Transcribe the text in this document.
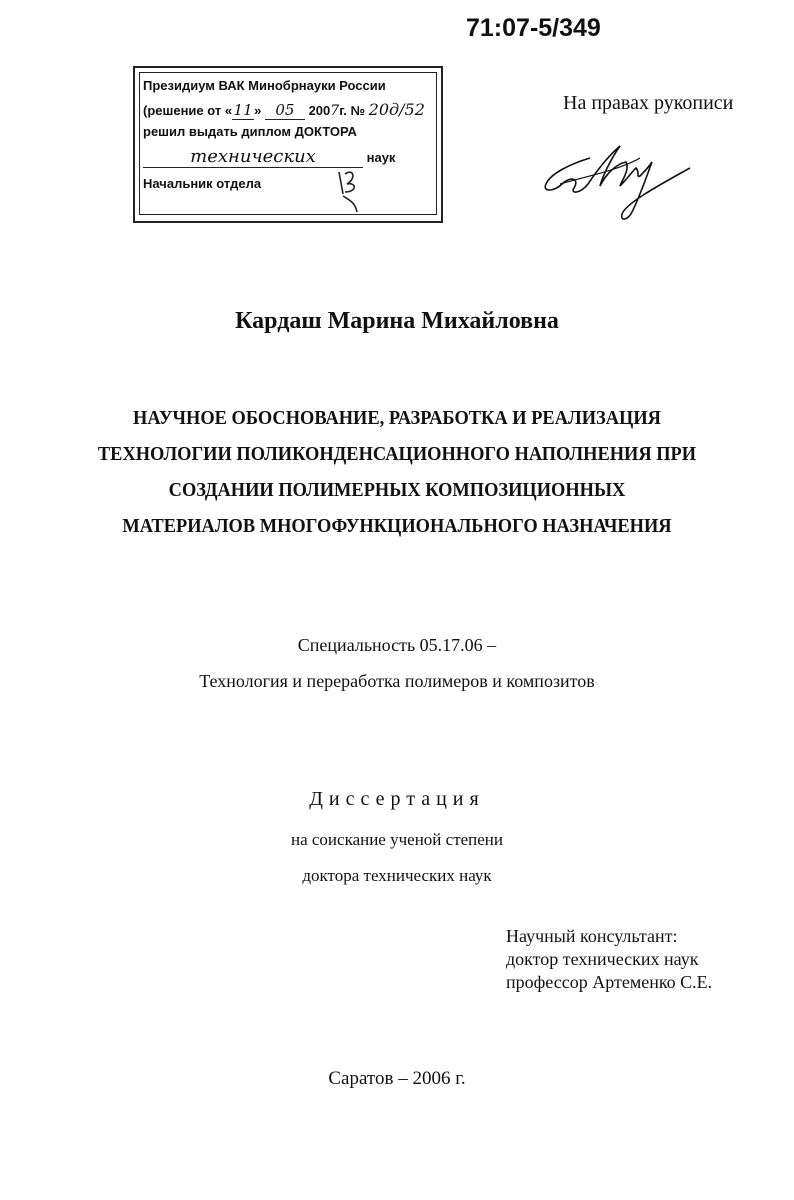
71:07-5/349
Президиум ВАК Минобрнауки России
(решение от «11» 05 2007г. № 20д/52
решил выдать диплом ДОКТОРА
технических	наук
Начальник отдела
На правах рукописи
Кардаш Марина Михайловна
НАУЧНОЕ ОБОСНОВАНИЕ, РАЗРАБОТКА И РЕАЛИЗАЦИЯ
ТЕХНОЛОГИИ ПОЛИКОНДЕНСАЦИОННОГО НАПОЛНЕНИЯ ПРИ
СОЗДАНИИ ПОЛИМЕРНЫХ КОМПОЗИЦИОННЫХ
МАТЕРИАЛОВ МНОГОФУНКЦИОНАЛЬНОГО НАЗНАЧЕНИЯ
Специальность 05.17.06 –
Технология и переработка полимеров и композитов
Диссертация
на соискание ученой степени
доктора технических наук
Научный консультант:
доктор технических наук
профессор Артеменко С.Е.
Саратов – 2006 г.
